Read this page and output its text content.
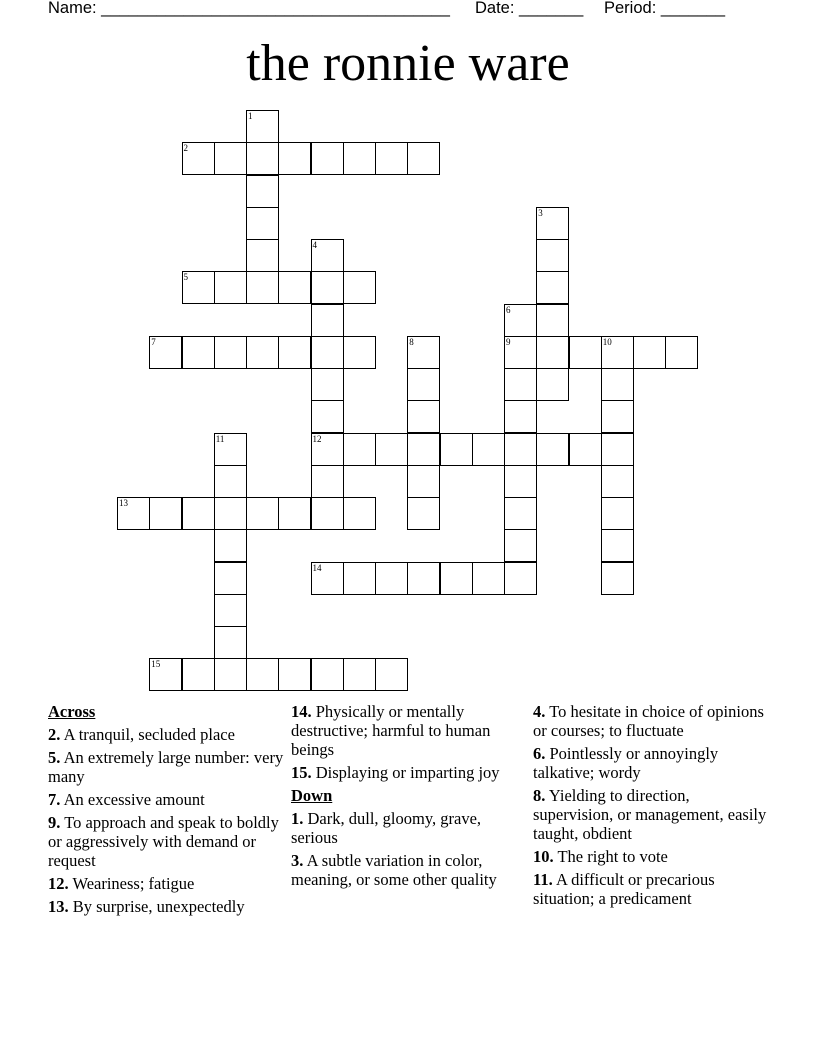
Name: ______________________________________ Date: _______ Period: _______
the ronnie ware
1
2
3
4
12
5
6
9
7	8	10
11
13
14
15
Across
2. A tranquil, secluded place
5. An extremely large number: very many
7. An excessive amount
9. To approach and speak to boldly or aggressively with demand or request
12. Weariness; fatigue
13. By surprise, unexpectedly
14. Physically or mentally destructive; harmful to human beings
15. Displaying or imparting joy
Down
1. Dark, dull, gloomy, grave, serious
3. A subtle variation in color, meaning, or some other quality
4. To hesitate in choice of opinions or courses; to fluctuate
6. Pointlessly or annoyingly talkative; wordy
8. Yielding to direction, supervision, or management, easily taught, obdient
10. The right to vote
11. A difficult or precarious situation; a predicament
